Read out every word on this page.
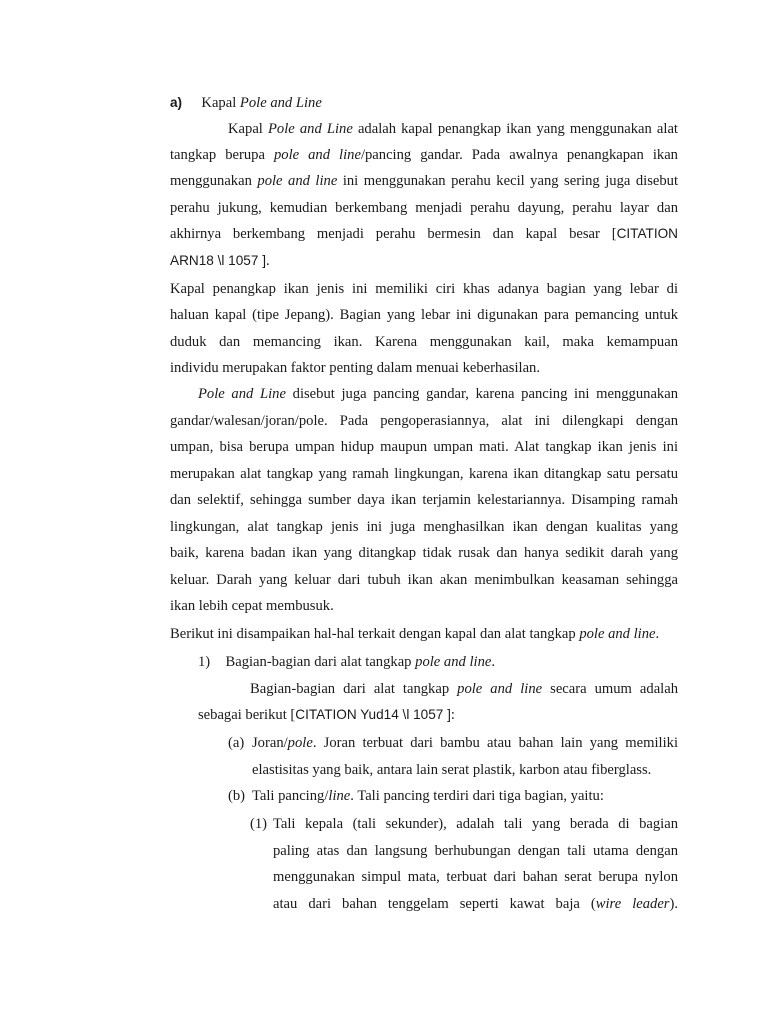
a) Kapal Pole and Line
Kapal Pole and Line adalah kapal penangkap ikan yang menggunakan alat
tangkap berupa pole and line/pancing gandar. Pada awalnya penangkapan ikan
menggunakan pole and line ini menggunakan perahu kecil yang sering juga disebut
perahu jukung, kemudian berkembang menjadi perahu dayung, perahu layar dan
akhirnya berkembang menjadi perahu bermesin dan kapal besar [CITATION
ARN18 \l 1057 ].
Kapal penangkap ikan jenis ini memiliki ciri khas adanya bagian yang lebar di
haluan kapal (tipe Jepang). Bagian yang lebar ini digunakan para pemancing untuk
duduk dan memancing ikan. Karena menggunakan kail, maka kemampuan
individu merupakan faktor penting dalam menuai keberhasilan.
Pole and Line disebut juga pancing gandar, karena pancing ini menggunakan
gandar/walesan/joran/pole. Pada pengoperasiannya, alat ini dilengkapi dengan
umpan, bisa berupa umpan hidup maupun umpan mati. Alat tangkap ikan jenis ini
merupakan alat tangkap yang ramah lingkungan, karena ikan ditangkap satu persatu
dan selektif, sehingga sumber daya ikan terjamin kelestariannya. Disamping ramah
lingkungan, alat tangkap jenis ini juga menghasilkan ikan dengan kualitas yang
baik, karena badan ikan yang ditangkap tidak rusak dan hanya sedikit darah yang
keluar. Darah yang keluar dari tubuh ikan akan menimbulkan keasaman sehingga
ikan lebih cepat membusuk.
Berikut ini disampaikan hal-hal terkait dengan kapal dan alat tangkap pole and line.
1) Bagian-bagian dari alat tangkap pole and line.
Bagian-bagian dari alat tangkap pole and line secara umum adalah
sebagai berikut [CITATION Yud14 \l 1057 ]:
(a) Joran/pole. Joran terbuat dari bambu atau bahan lain yang memiliki
elastisitas yang baik, antara lain serat plastik, karbon atau fiberglass.
(b) Tali pancing/line. Tali pancing terdiri dari tiga bagian, yaitu:
(1) Tali kepala (tali sekunder), adalah tali yang berada di bagian
paling atas dan langsung berhubungan dengan tali utama dengan
menggunakan simpul mata, terbuat dari bahan serat berupa nylon
atau dari bahan tenggelam seperti kawat baja (wire leader).
